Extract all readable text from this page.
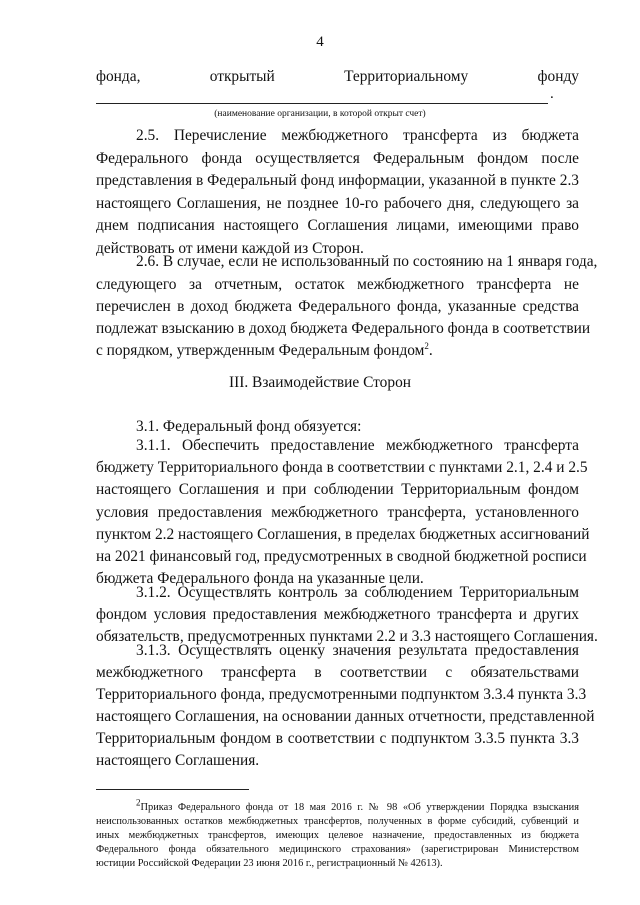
4
фонда, открытый Территориальному фонду
.
(наименование организации, в которой открыт счет)
2.5. Перечисление межбюджетного трансферта из бюджета
Федерального фонда осуществляется Федеральным фондом после
представления в Федеральный фонд информации, указанной в пункте 2.3
настоящего Соглашения, не позднее 10-го рабочего дня, следующего за
днем подписания настоящего Соглашения лицами, имеющими право
действовать от имени каждой из Сторон.
2.6. В случае, если не использованный по состоянию на 1 января года,
следующего за отчетным, остаток межбюджетного трансферта не
перечислен в доход бюджета Федерального фонда, указанные средства
подлежат взысканию в доход бюджета Федерального фонда в соответствии
с порядком, утвержденным Федеральным фондом$^2$.
III. Взаимодействие Сторон
3.1. Федеральный фонд обязуется:
3.1.1. Обеспечить предоставление межбюджетного трансферта
бюджету Территориального фонда в соответствии с пунктами 2.1, 2.4 и 2.5
настоящего Соглашения и при соблюдении Территориальным фондом
условия предоставления межбюджетного трансферта, установленного
пунктом 2.2 настоящего Соглашения, в пределах бюджетных ассигнований
на 2021 финансовый год, предусмотренных в сводной бюджетной росписи
бюджета Федерального фонда на указанные цели.
3.1.2. Осуществлять контроль за соблюдением Территориальным
фондом условия предоставления межбюджетного трансферта и других
обязательств, предусмотренных пунктами 2.2 и 3.3 настоящего Соглашения.
3.1.3. Осуществлять оценку значения результата предоставления
межбюджетного трансферта в соответствии с обязательствами
Территориального фонда, предусмотренными подпунктом 3.3.4 пункта 3.3
настоящего Соглашения, на основании данных отчетности, представленной
Территориальным фондом в соответствии с подпунктом 3.3.5 пункта 3.3
настоящего Соглашения.
$^2$Приказ Федерального фонда от 18 мая 2016 г. № 98 «Об утверждении Порядка взыскания
неиспользованных остатков межбюджетных трансфертов, полученных в форме субсидий, субвенций и
иных межбюджетных трансфертов, имеющих целевое назначение, предоставленных из бюджета
Федерального фонда обязательного медицинского страхования» (зарегистрирован Министерством
юстиции Российской Федерации 23 июня 2016 г., регистрационный № 42613).
